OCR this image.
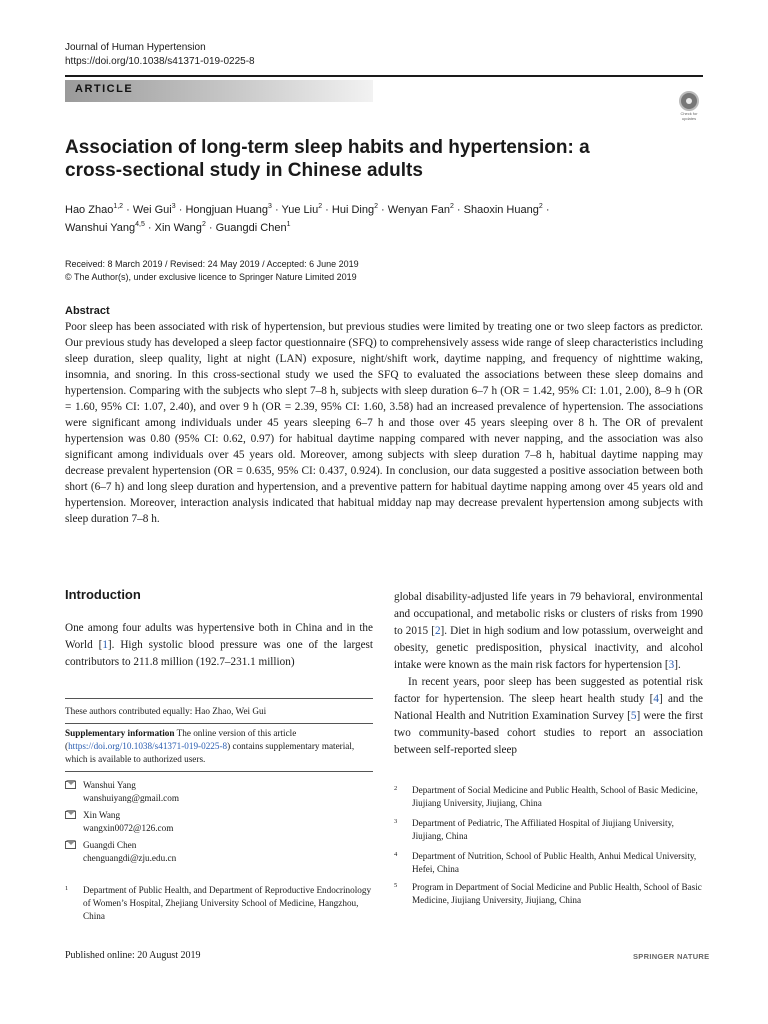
Journal of Human Hypertension
https://doi.org/10.1038/s41371-019-0225-8
ARTICLE
Check for updates
Association of long-term sleep habits and hypertension: a
cross-sectional study in Chinese adults
Hao Zhao$^{1,2}$ · Wei Gui$^3$ · Hongjuan Huang$^3$ · Yue Liu$^2$ · Hui Ding$^2$ · Wenyan Fan$^2$ · Shaoxin Huang$^2$ ·
Wanshui Yang$^{4,5}$ · Xin Wang$^2$ · Guangdi Chen$^1$
Received: 8 March 2019 / Revised: 24 May 2019 / Accepted: 6 June 2019
© The Author(s), under exclusive licence to Springer Nature Limited 2019
Abstract
Poor sleep has been associated with risk of hypertension, but previous studies were limited by treating one or two sleep factors as predictor. Our previous study has developed a sleep factor questionnaire (SFQ) to comprehensively assess wide range of sleep characteristics including sleep duration, sleep quality, light at night (LAN) exposure, night/shift work, daytime napping, and frequency of nighttime waking, insomnia, and snoring. In this cross-sectional study we used the SFQ to evaluated the associations between these sleep domains and hypertension. Comparing with the subjects who slept 7–8 h, subjects with sleep duration 6–7 h (OR = 1.42, 95% CI: 1.01, 2.00), 8–9 h (OR = 1.60, 95% CI: 1.07, 2.40), and over 9 h (OR = 2.39, 95% CI: 1.60, 3.58) had an increased prevalence of hypertension. The associations were significant among individuals under 45 years sleeping 6–7 h and those over 45 years sleeping over 8 h. The OR of prevalent hypertension was 0.80 (95% CI: 0.62, 0.97) for habitual daytime napping compared with never napping, and the association was also significant among individuals over 45 years old. Moreover, among subjects with sleep duration 7–8 h, habitual daytime napping may decrease prevalent hypertension (OR = 0.635, 95% CI: 0.437, 0.924). In conclusion, our data suggested a positive association between both short (6–7 h) and long sleep duration and hypertension, and a preventive pattern for habitual daytime napping among over 45 years old and hypertension. Moreover, interaction analysis indicated that habitual midday nap may decrease prevalent hypertension among subjects with sleep duration 7–8 h.
Introduction

One among four adults was hypertensive both in China and in the World [1]. High systolic blood pressure was one of the largest contributors to 211.8 million (192.7–231.1 million)

global disability-adjusted life years in 79 behavioral, environmental and occupational, and metabolic risks or clusters of risks from 1990 to 2015 [2]. Diet in high sodium and low potassium, overweight and obesity, genetic predisposition, physical inactivity, and alcohol intake were known as the main risk factors for hypertension [3].

In recent years, poor sleep has been suggested as potential risk factor for hypertension. The sleep heart health study [4] and the National Health and Nutrition Examination Survey [5] were the first two community-based cohort studies to report an association between self-reported sleep

These authors contributed equally: Hao Zhao, Wei Gui
Supplementary information The online version of this article (https://doi.org/10.1038/s41371-019-0225-8) contains supplementary material, which is available to authorized users.
Wanshui Yang
wanshuiyang@gmail.com
Xin Wang
wangxin0072@126.com
Guangdi Chen
chenguangdi@zju.edu.cn
1 Department of Public Health, and Department of Reproductive Endocrinology of Women’s Hospital, Zhejiang University School of Medicine, Hangzhou, China
2 Department of Social Medicine and Public Health, School of Basic Medicine, Jiujiang University, Jiujiang, China
3 Department of Pediatric, The Affiliated Hospital of Jiujiang University, Jiujiang, China
4 Department of Nutrition, School of Public Health, Anhui Medical University, Hefei, China
5 Program in Department of Social Medicine and Public Health, School of Basic Medicine, Jiujiang University, Jiujiang, China
Published online: 20 August 2019	SPRINGER NATURE
